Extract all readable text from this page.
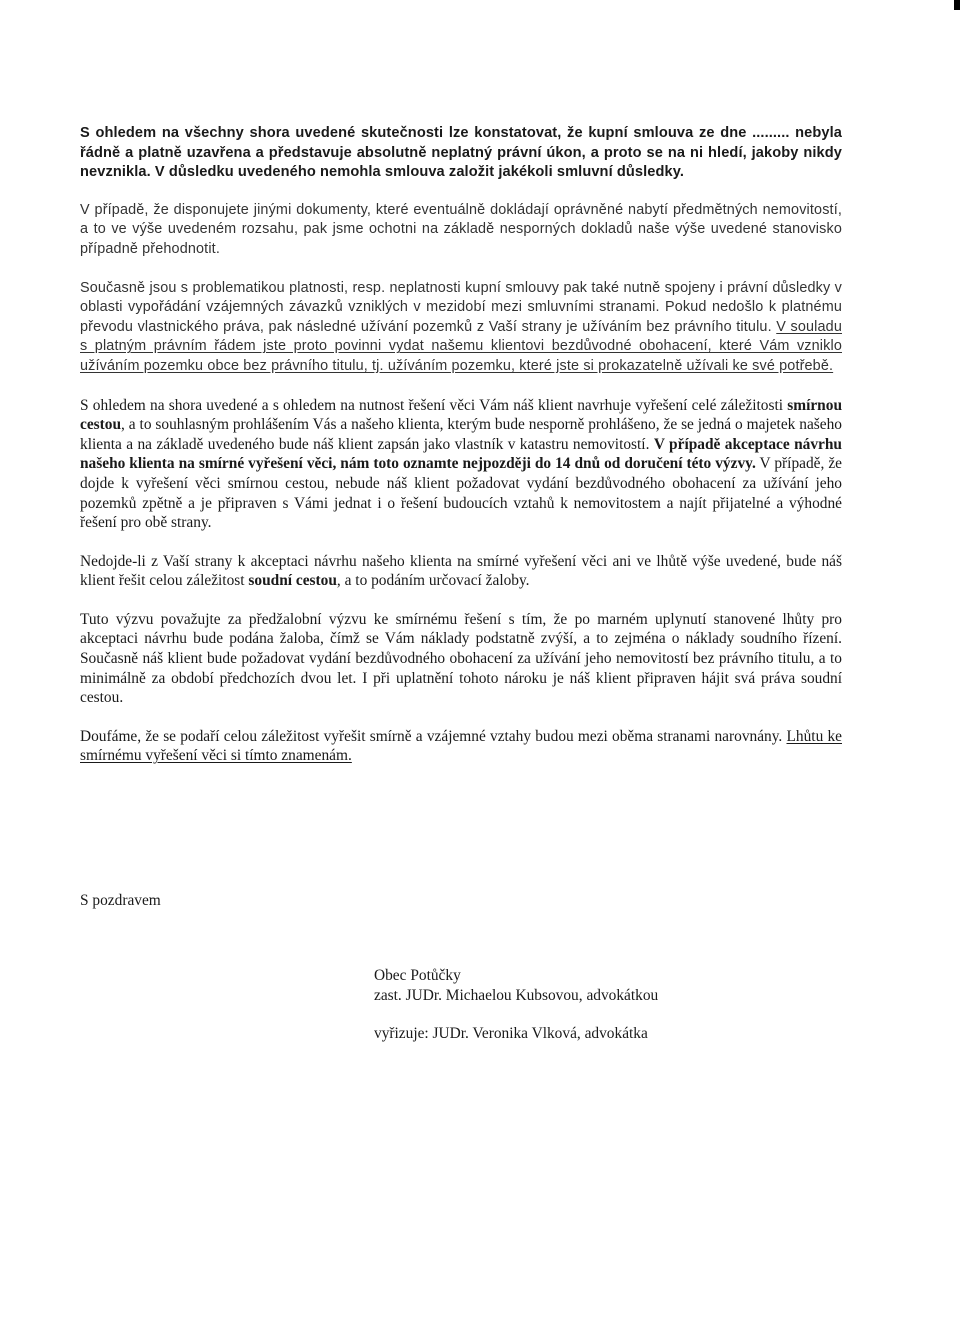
S ohledem na všechny shora uvedené skutečnosti lze konstatovat, že kupní smlouva ze dne ......... nebyla řádně a platně uzavřena a představuje absolutně neplatný právní úkon, a proto se na ni hledí, jakoby nikdy nevznikla. V důsledku uvedeného nemohla smlouva založit jakékoli smluvní důsledky.

V případě, že disponujete jinými dokumenty, které eventuálně dokládají oprávněné nabytí předmětných nemovitostí, a to ve výše uvedeném rozsahu, pak jsme ochotni na základě nesporných dokladů naše výše uvedené stanovisko případně přehodnotit.

Současně jsou s problematikou platnosti, resp. neplatnosti kupní smlouvy pak také nutně spojeny i právní důsledky v oblasti vypořádání vzájemných závazků vzniklých v mezidobí mezi smluvními stranami. Pokud nedošlo k platnému převodu vlastnického práva, pak následné užívání pozemků z Vaší strany je užíváním bez právního titulu. V souladu s platným právním řádem jste proto povinni vydat našemu klientovi bezdůvodné obohacení, které Vám vzniklo užíváním pozemku obce bez právního titulu, tj. užíváním pozemku, které jste si prokazatelně užívali ke své potřebě.

S ohledem na shora uvedené a s ohledem na nutnost řešení věci Vám náš klient navrhuje vyřešení celé záležitosti smírnou cestou, a to souhlasným prohlášením Vás a našeho klienta, kterým bude nesporně prohlášeno, že se jedná o majetek našeho klienta a na základě uvedeného bude náš klient zapsán jako vlastník v katastru nemovitostí. V případě akceptace návrhu našeho klienta na smírné vyřešení věci, nám toto oznamte nejpozději do 14 dnů od doručení této výzvy. V případě, že dojde k vyřešení věci smírnou cestou, nebude náš klient požadovat vydání bezdůvodného obohacení za užívání jeho pozemků zpětně a je připraven s Vámi jednat i o řešení budoucích vztahů k nemovitostem a najít přijatelné a výhodné řešení pro obě strany.

Nedojde-li z Vaší strany k akceptaci návrhu našeho klienta na smírné vyřešení věci ani ve lhůtě výše uvedené, bude náš klient řešit celou záležitost soudní cestou, a to podáním určovací žaloby.

Tuto výzvu považujte za předžalobní výzvu ke smírnému řešení s tím, že po marném uplynutí stanovené lhůty pro akceptaci návrhu bude podána žaloba, čímž se Vám náklady podstatně zvýší, a to zejména o náklady soudního řízení. Současně náš klient bude požadovat vydání bezdůvodného obohacení za užívání jeho nemovitostí bez právního titulu, a to minimálně za období předchozích dvou let. I při uplatnění tohoto nároku je náš klient připraven hájit svá práva soudní cestou.

Doufáme, že se podaří celou záležitost vyřešit smírně a vzájemné vztahy budou mezi oběma stranami narovnány. Lhůtu ke smírnému vyřešení věci si tímto znamenám.

S pozdravem
Obec Potůčky
zast. JUDr. Michaelou Kubsovou, advokátkou
vyřizuje: JUDr. Veronika Vlková, advokátka
